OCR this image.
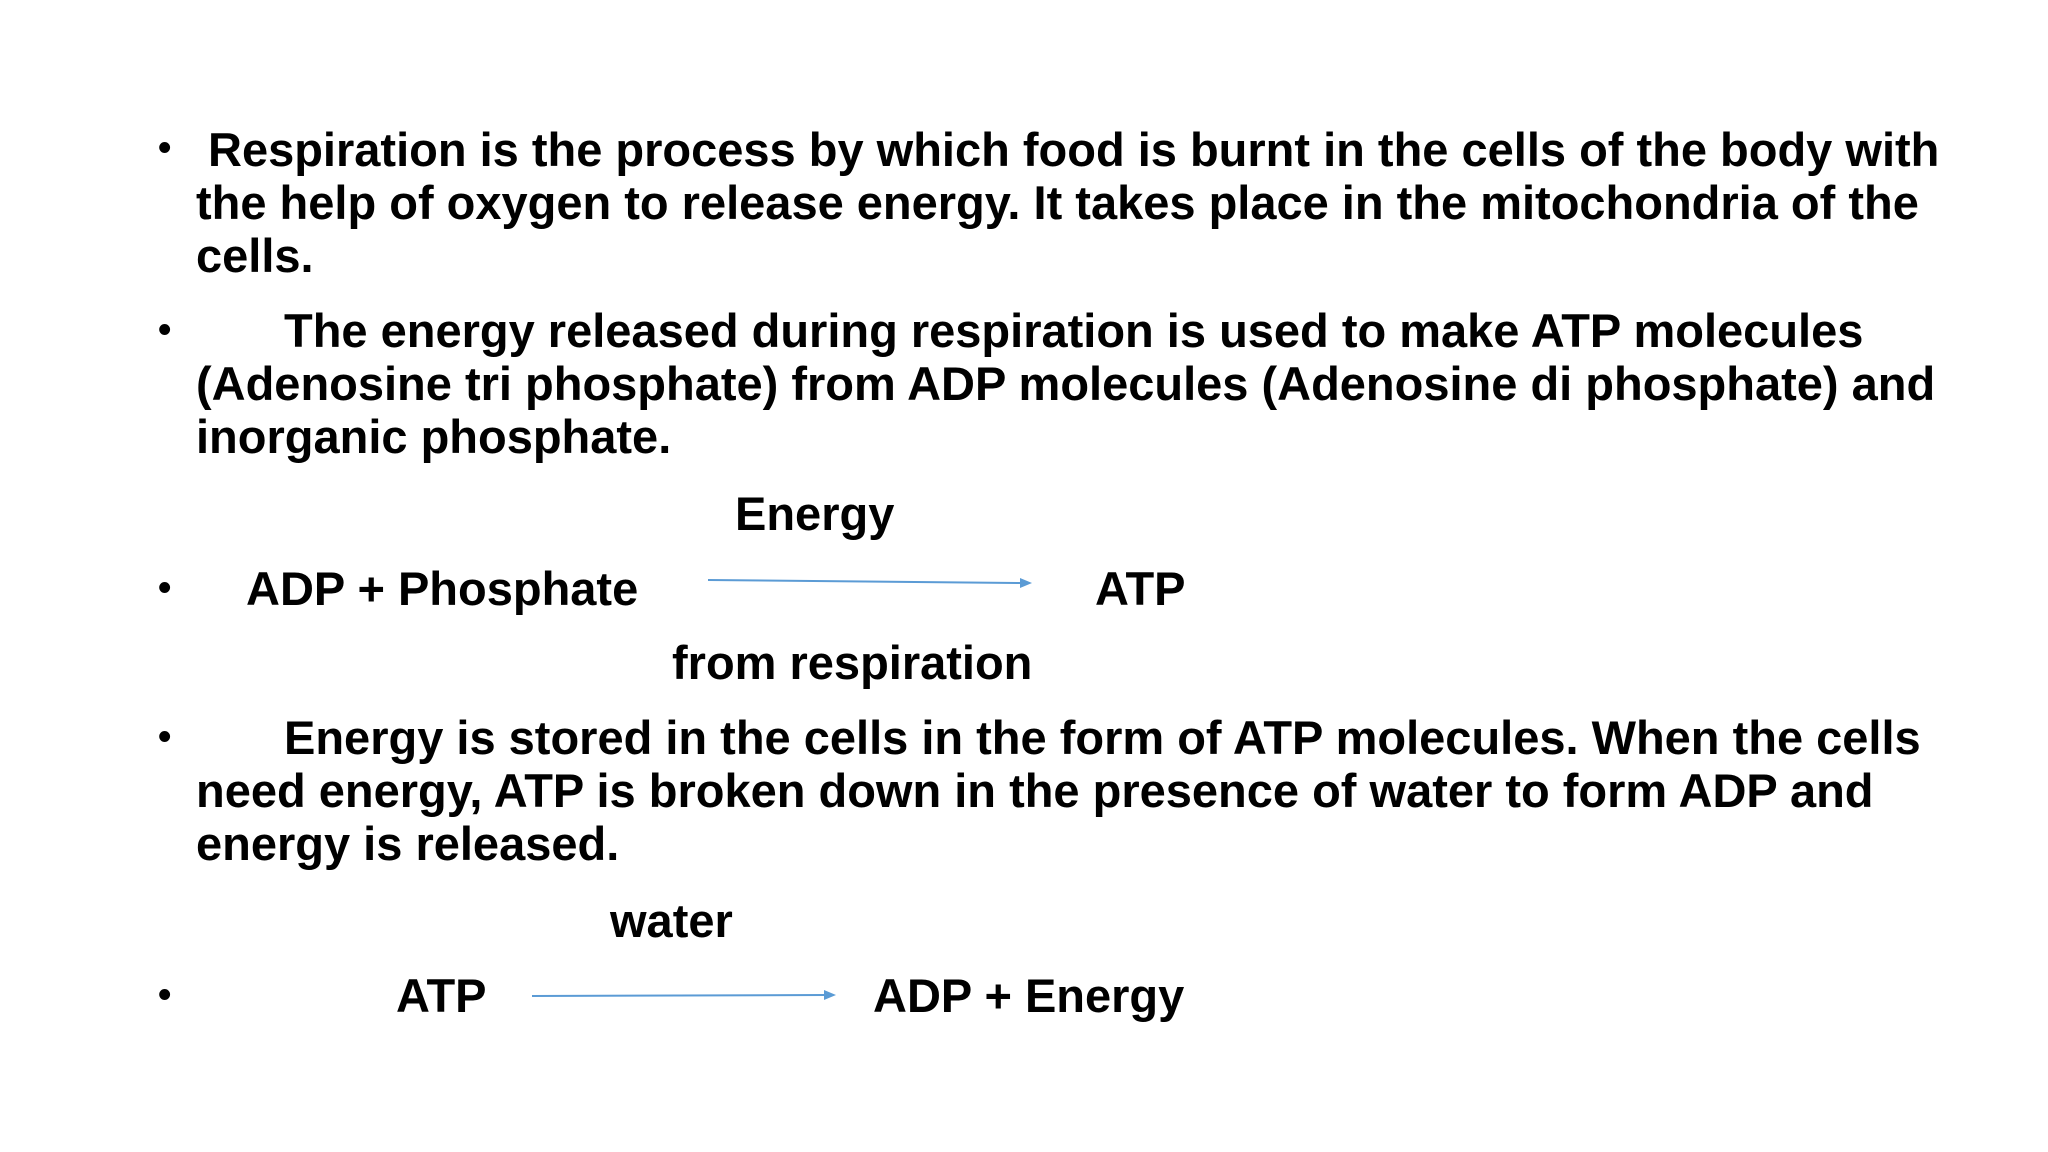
• Respiration is the process by which food is burnt in the cells of the body with the help of oxygen to release energy. It takes place in the mitochondria of the cells.

•	The energy released during respiration is used to make ATP molecules (Adenosine tri phosphate) from ADP molecules (Adenosine di phosphate) and inorganic phosphate.

Energy
• ADP + Phosphate	ATP
from respiration
•	Energy is stored in the cells in the form of ATP molecules. When the cells need energy, ATP is broken down in the presence of water to form ADP and energy is released.

water
•	ATP	ADP + Energy
